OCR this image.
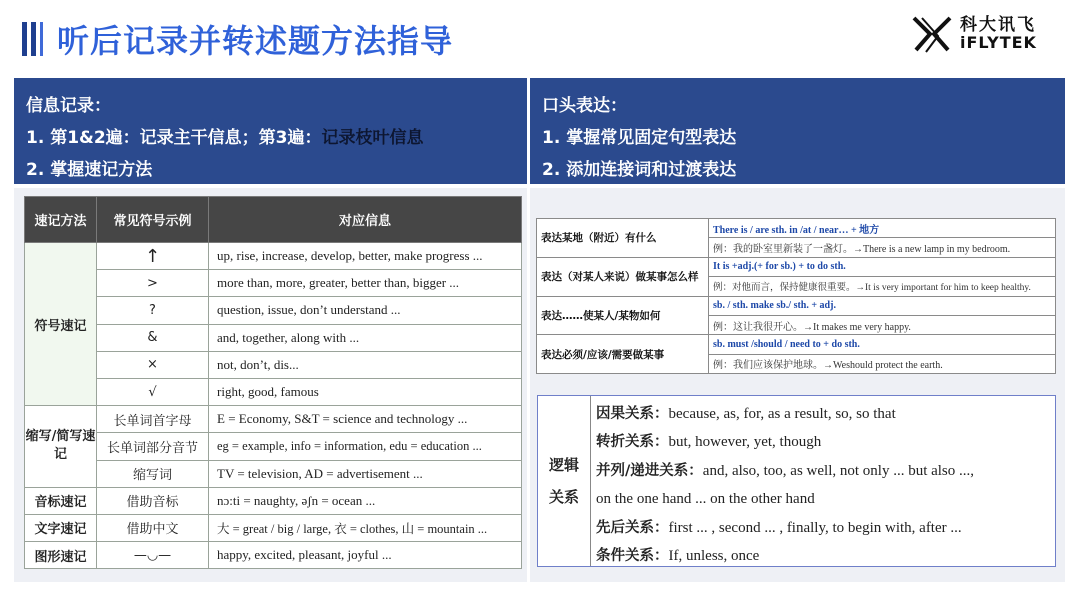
听后记录并转述题方法指导	科大讯飞
iFLYTEK
信息记录：
1. 第1&2遍：记录主干信息；第3遍：记录枝叶信息
2. 掌握速记方法
口头表达：
1. 掌握常见固定句型表达
2. 添加连接词和过渡表达
速记方法	常见符号示例	对应信息
符号速记	↑	up, rise, increase, develop, better, make progress ...
	>	more than, more, greater, better than, bigger ...
	?	question, issue, don’t understand ...
	&	and, together, along with ...
	×	not, don’t, dis...
	√	right, good, famous
缩写/简写速记	长单词首字母	E = Economy, S&T = science and technology ...
	长单词部分音节	eg = example, info = information, edu = education ...
	缩写词	TV = television, AD = advertisement ...
音标速记	借助音标	nɔ:ti = naughty, əʃn = ocean ...
文字速记	借助中文	大 = great / big / large, 衣 = clothes, 山 = mountain ...
图形速记	—◡—	happy, excited, pleasant, joyful ...
表达某地（附近）有什么	There is / are sth. in /at / near… + 地方
	例：我的卧室里新装了一盏灯。→There is a new lamp in my bedroom.
表达（对某人来说）做某事怎么样	It is +adj.(+ for sb.) + to do sth.
	例：对他而言，保持健康很重要。→It is very important for him to keep healthy.
表达……使某人/某物如何	sb. / sth. make sb./ sth. + adj.
	例：这让我很开心。→It makes me very happy.
表达必须/应该/需要做某事	sb. must /should / need to + do sth.
	例：我们应该保护地球。→Weshould protect the earth.
逻辑
关系
因果关系：because, as, for, as a result, so, so that
转折关系：but, however, yet, though
并列/递进关系：and, also, too, as well, not only ... but also ...,
on the one hand ... on the other hand
先后关系：first ... , second ... , finally, to begin with, after ...
条件关系：If, unless, once
